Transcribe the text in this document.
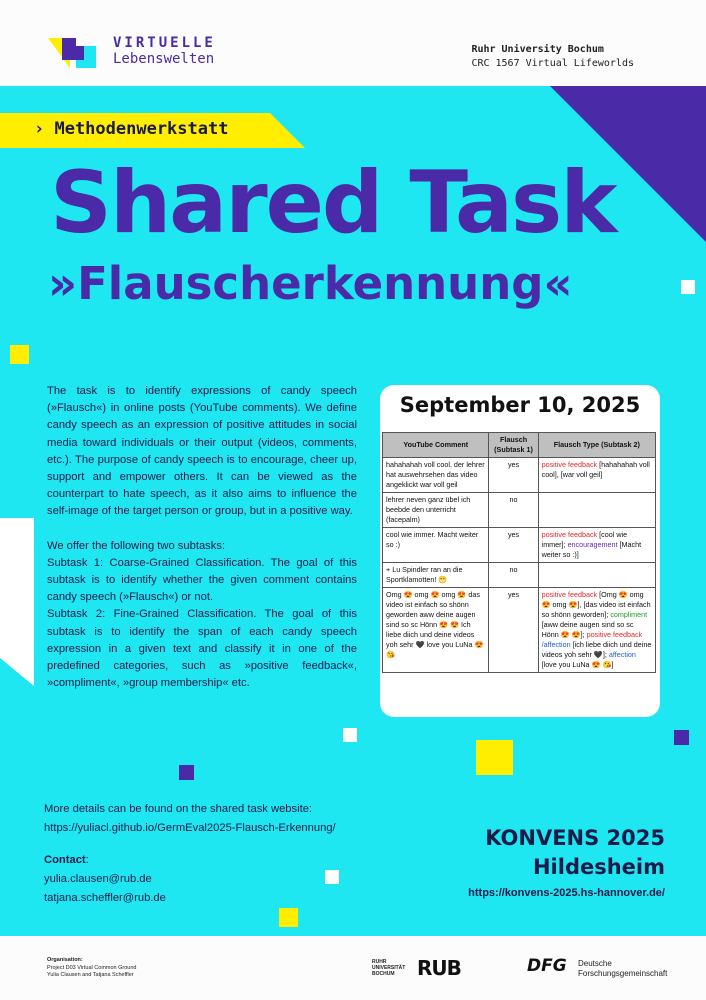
VIRTUELLE
Lebenswelten
Ruhr University Bochum
CRC 1567 Virtual Lifeworlds
› Methodenwerkstatt
Shared Task
»Flauscherkennung«

The task is to identify expressions of candy speech (»Flausch«) in online posts (YouTube comments). We define candy speech as an expression of positive attitudes in social media toward individuals or their output (videos, comments, etc.). The purpose of candy speech is to encourage, cheer up, support and empower others. It can be viewed as the counterpart to hate speech, as it also aims to influence the self-image of the target person or group, but in a positive way.

We offer the following two subtasks:

Subtask 1: Coarse-Grained Classification. The goal of this subtask is to identify whether the given comment contains candy speech (»Flausch«) or not.

Subtask 2: Fine-Grained Classification. The goal of this subtask is to identify the span of each candy speech expression in a given text and classify it in one of the predefined categories, such as »positive feedback«, »compliment«, »group membership« etc.

September 10, 2025
YouTube Comment	Flausch (Subtask 1)	Flausch Type (Subtask 2)
hahahahah voll cool. der lehrer hat auswehrsehen das video angeklickt war voll geil	yes	positive feedback [hahahahah voll cool], [war voll geil]
lehrer neven ganz übel ich beebde den unterricht (facepalm)	no	
cool wie immer. Macht weiter so :)	yes	positive feedback [cool wie immer]; encouragement [Macht weiter so :)]
+ Lu Spindler ran an die Sportklamotten! 😁	no	
Omg 😍 omg 😍 omg 😍 das video ist einfach so shönn geworden aww deine augen sind so sc Hönn 😍 😍 Ich liebe diich und deine videos yoh sehr 🖤 love you LuNa 😍 😘	yes	positive feedback [Omg 😍 omg 😍 omg 😍], [das video ist einfach so shönn geworden]; compliment [aww deine augen sind so sc Hönn 😍 😍]; positive feedback /affection [ich liebe diich und deine videos yoh sehr 🖤]; affection [love you LuNa 😍 😘]
More details can be found on the shared task website:
https://yuliacl.github.io/GermEval2025-Flausch-Erkennung/
Contact:
yulia.clausen@rub.de
tatjana.scheffler@rub.de
KONVENS 2025
Hildesheim
https://konvens-2025.hs-hannover.de/
Organisation:
Project D03 Virtual Common Ground
Yulia Clausen and Tatjana Scheffler
RUHR
UNIVERSITÄT
BOCHUM	RUB	DFG Deutsche
Forschungsgemeinschaft
